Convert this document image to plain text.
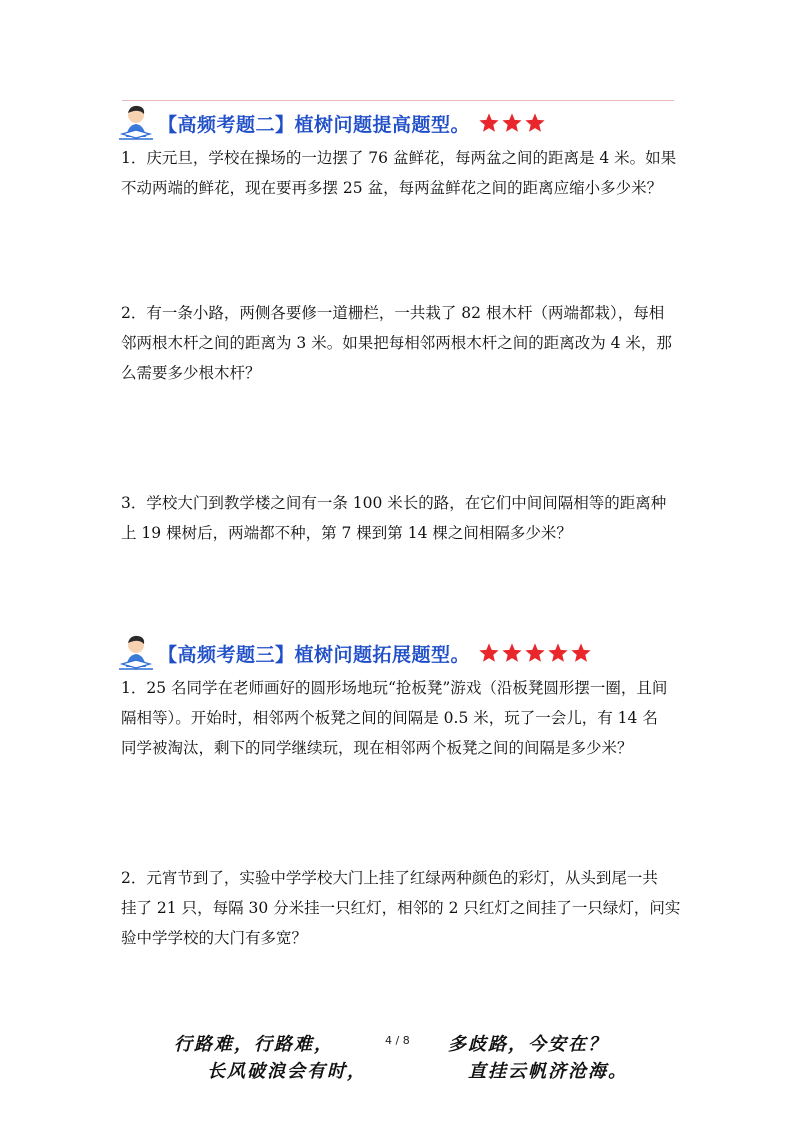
【高频考题二】植树问题提高题型。
1．庆元旦，学校在操场的一边摆了 76 盆鲜花，每两盆之间的距离是 4 米。如果
不动两端的鲜花，现在要再多摆 25 盆，每两盆鲜花之间的距离应缩小多少米？
2．有一条小路，两侧各要修一道栅栏，一共栽了 82 根木杆（两端都栽），每相
邻两根木杆之间的距离为 3 米。如果把每相邻两根木杆之间的距离改为 4 米，那
么需要多少根木杆？
3．学校大门到教学楼之间有一条 100 米长的路，在它们中间间隔相等的距离种
上 19 棵树后，两端都不种，第 7 棵到第 14 棵之间相隔多少米？
【高频考题三】植树问题拓展题型。
1．25 名同学在老师画好的圆形场地玩“抢板凳”游戏（沿板凳圆形摆一圈，且间
隔相等）。开始时，相邻两个板凳之间的间隔是 0.5 米，玩了一会儿，有 14 名
同学被淘汰，剩下的同学继续玩，现在相邻两个板凳之间的间隔是多少米？
2．元宵节到了，实验中学学校大门上挂了红绿两种颜色的彩灯，从头到尾一共
挂了 21 只，每隔 30 分米挂一只红灯，相邻的 2 只红灯之间挂了一只绿灯，问实
验中学学校的大门有多宽？
行路难，行路难，	4 / 8 多歧路，今安在？
长风破浪会有时，	直挂云帆济沧海。
